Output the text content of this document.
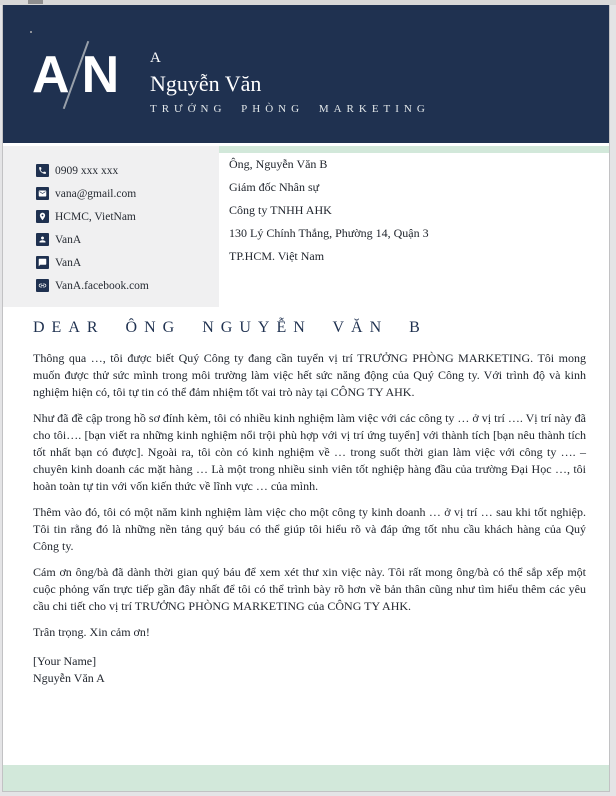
A N A
Nguyễn Văn
TRƯỞNG PHÒNG MARKETING
0909 xxx xxx
vana@gmail.com
HCMC, VietNam
VanA
VanA
VanA.facebook.com
Ông, Nguyễn Văn B
Giám đốc Nhân sự
Công ty TNHH AHK
130 Lý Chính Thắng, Phường 14, Quận 3
TP.HCM. Việt Nam
DEAR ÔNG NGUYỄN VĂN B

Thông qua …, tôi được biết Quý Công ty đang cần tuyển vị trí TRƯỞNG PHÒNG MARKETING. Tôi mong muốn được thử sức mình trong môi trường làm việc hết sức năng động của Quý Công ty. Với trình độ và kinh nghiệm hiện có, tôi tự tin có thể đảm nhiệm tốt vai trò này tại CÔNG TY AHK.

Như đã đề cập trong hồ sơ đính kèm, tôi có nhiều kinh nghiệm làm việc với các công ty … ở vị trí …. Vị trí này đã cho tôi…. [bạn viết ra những kinh nghiệm nổi trội phù hợp với vị trí ứng tuyển] với thành tích [bạn nêu thành tích tốt nhất bạn có được]. Ngoài ra, tôi còn có kinh nghiệm về … trong suốt thời gian làm việc với công ty …. – chuyên kinh doanh các mặt hàng … Là một trong nhiều sinh viên tốt nghiệp hàng đầu của trường Đại Học …, tôi hoàn toàn tự tin với vốn kiến thức về lĩnh vực … của mình.

Thêm vào đó, tôi có một năm kinh nghiệm làm việc cho một công ty kinh doanh … ở vị trí … sau khi tốt nghiệp. Tôi tin rằng đó là những nền tảng quý báu có thể giúp tôi hiểu rõ và đáp ứng tốt nhu cầu khách hàng của Quý Công ty.

Cám ơn ông/bà đã dành thời gian quý báu để xem xét thư xin việc này. Tôi rất mong ông/bà có thể sắp xếp một cuộc phỏng vấn trực tiếp gần đây nhất để tôi có thể trình bày rõ hơn về bản thân cũng như tìm hiểu thêm các yêu cầu chi tiết cho vị trí TRƯỞNG PHÒNG MARKETING của CÔNG TY AHK.

Trân trọng. Xin cảm ơn!

[Your Name]
Nguyễn Văn A
